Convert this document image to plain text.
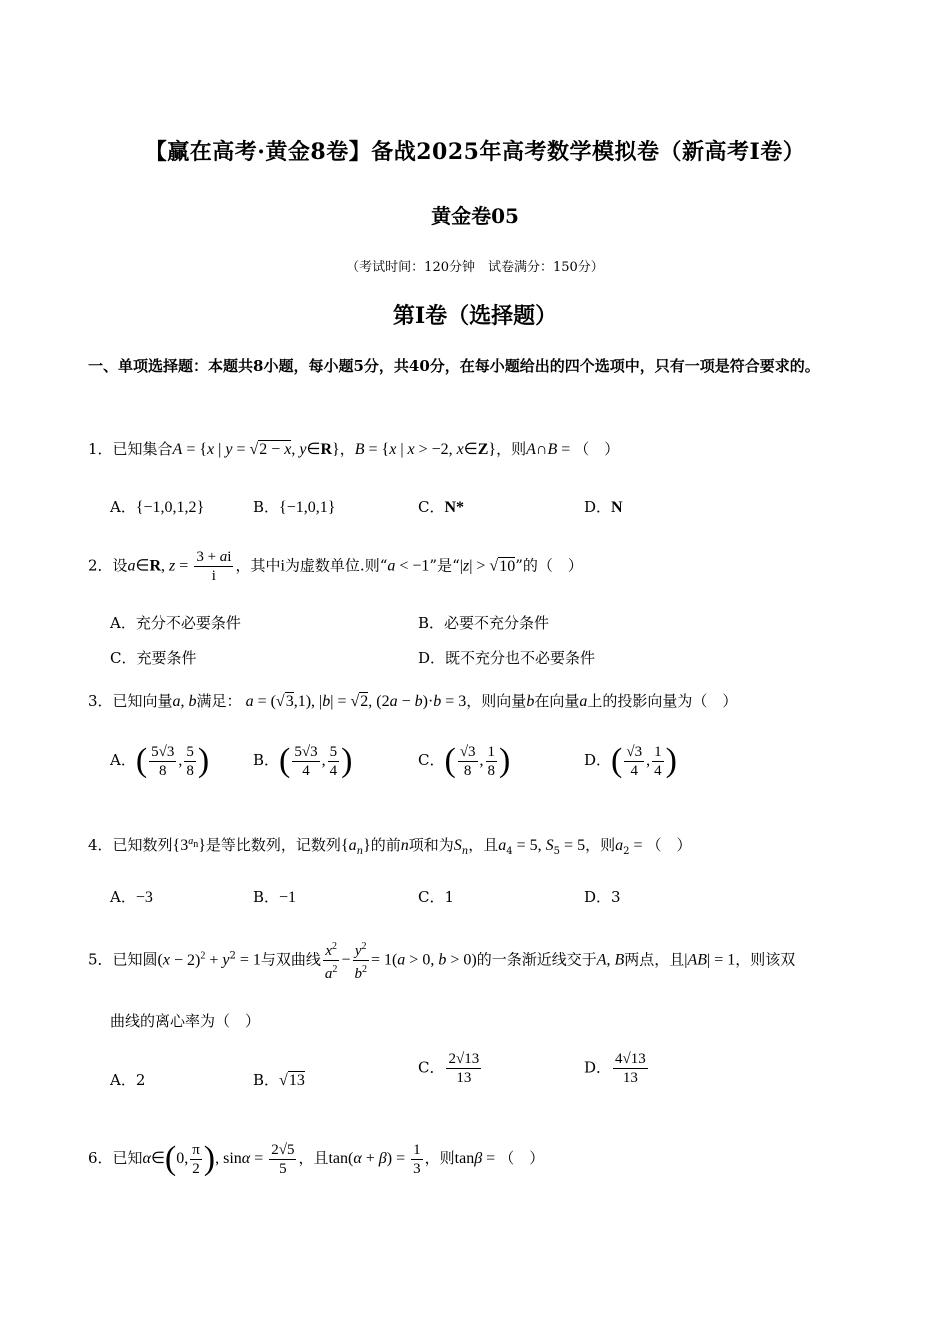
【赢在高考·黄金8卷】备战2025年高考数学模拟卷（新高考I卷）
黄金卷05
（考试时间：120分钟　试卷满分：150分）
第I卷（选择题）
一、单项选择题：本题共8小题，每小题5分，共40分，在每小题给出的四个选项中，只有一项是符合要求的。
1．已知集合A = {x | y = √2 − x, y∈R}，B = {x | x > −2, x∈Z}，则A∩B = （　）
A．{−1,0,1,2}	B．{−1,0,1}	C．N*	D．N
2．设a∈R, $z = \frac{3 + ai}{i}$ ，其中i为虚数单位.则“a < −1”是“|z| > √10”的（　）
A．充分不必要条件	B．必要不充分条件
C．充要条件	D．既不充分也不必要条件
3．已知向量a, b满足： a = (√3,1), |b| = √2, (2a − b)·b = 3，则向量b在向量a上的投影向量为（　）
A．( $\frac{5√3}{8}$ , $\frac{5}{8}$ )	B．( $\frac{5√3}{4}$ , $\frac{5}{4}$ )	C．( $\frac{√3}{8}$ , $\frac{1}{8}$ )	D．( $\frac{√3}{4}$ , $\frac{1}{4}$ )
4．已知数列$\{3^{a_n}\}$是等比数列，记数列$\{a_n\}$的前n项和为$S_n$，且$a_4 = 5$, $S_5 = 5$，则$a_2$ = （　）
A．−3	B．−1	C．1	D．3
5．已知圆$(x - 2)^2 + y^2 = 1$与双曲线 $\frac{x^2}{a^2} - \frac{y^2}{b^2} = 1(a > 0$, b > 0)的一条渐近线交于A, B两点，且|AB| = 1，则该双
曲线的离心率为（　）
A．2	B．√13
C． $\frac{2√13}{13}$	D． $\frac{4√13}{13}$
6．已知α∈(0, $\frac{\pi}{2}$ ), $\sin\alpha = \frac{2√5}{5}$ ，且$\tan(\alpha + \beta) = \frac{1}{3}$ ，则tanβ = （　）
